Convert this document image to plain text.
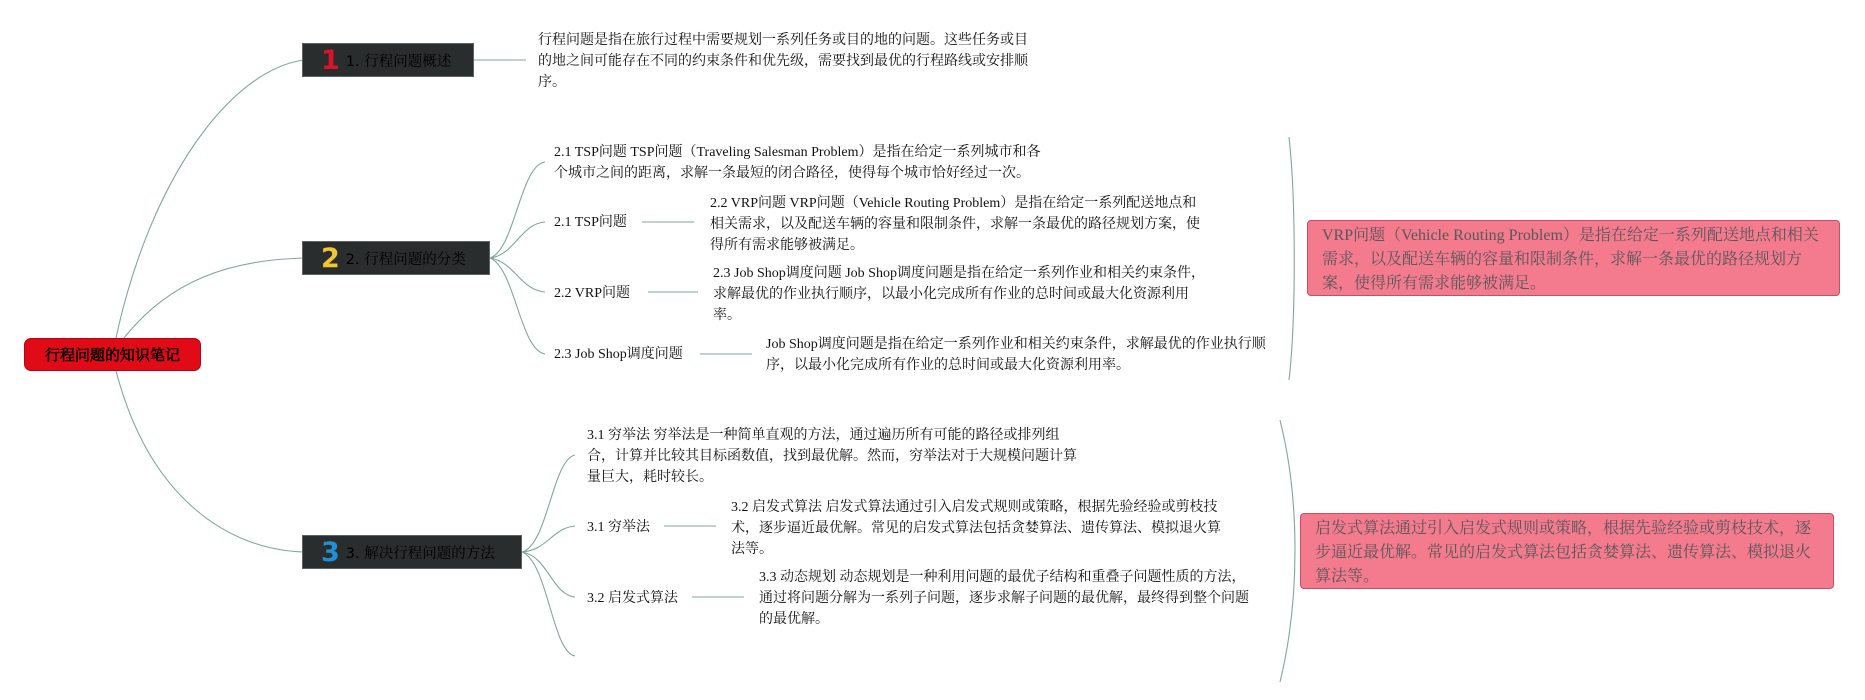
行程问题的知识笔记
1 1. 行程问题概述
行程问题是指在旅行过程中需要规划一系列任务或目的地的问题。这些任务或目的地之间可能存在不同的约束条件和优先级，需要找到最优的行程路线或安排顺序。
2 2. 行程问题的分类
2.1 TSP问题 TSP问题（Traveling Salesman Problem）是指在给定一系列城市和各个城市之间的距离，求解一条最短的闭合路径，使得每个城市恰好经过一次。
2.1 TSP问题
2.2 VRP问题
2.3 Job Shop调度问题
2.2 VRP问题 VRP问题（Vehicle Routing Problem）是指在给定一系列配送地点和相关需求，以及配送车辆的容量和限制条件，求解一条最优的路径规划方案，使得所有需求能够被满足。
2.3 Job Shop调度问题 Job Shop调度问题是指在给定一系列作业和相关约束条件，求解最优的作业执行顺序，以最小化完成所有作业的总时间或最大化资源利用率。
Job Shop调度问题是指在给定一系列作业和相关约束条件，求解最优的作业执行顺序，以最小化完成所有作业的总时间或最大化资源利用率。
VRP问题（Vehicle Routing Problem）是指在给定一系列配送地点和相关需求，以及配送车辆的容量和限制条件，求解一条最优的路径规划方案，使得所有需求能够被满足。
3 3. 解决行程问题的方法
3.1 穷举法 穷举法是一种简单直观的方法，通过遍历所有可能的路径或排列组合，计算并比较其目标函数值，找到最优解。然而，穷举法对于大规模问题计算量巨大，耗时较长。
3.1 穷举法
3.2 启发式算法
3.2 启发式算法 启发式算法通过引入启发式规则或策略，根据先验经验或剪枝技术，逐步逼近最优解。常见的启发式算法包括贪婪算法、遗传算法、模拟退火算法等。
3.3 动态规划 动态规划是一种利用问题的最优子结构和重叠子问题性质的方法，通过将问题分解为一系列子问题，逐步求解子问题的最优解，最终得到整个问题的最优解。
启发式算法通过引入启发式规则或策略，根据先验经验或剪枝技术，逐步逼近最优解。常见的启发式算法包括贪婪算法、遗传算法、模拟退火算法等。
